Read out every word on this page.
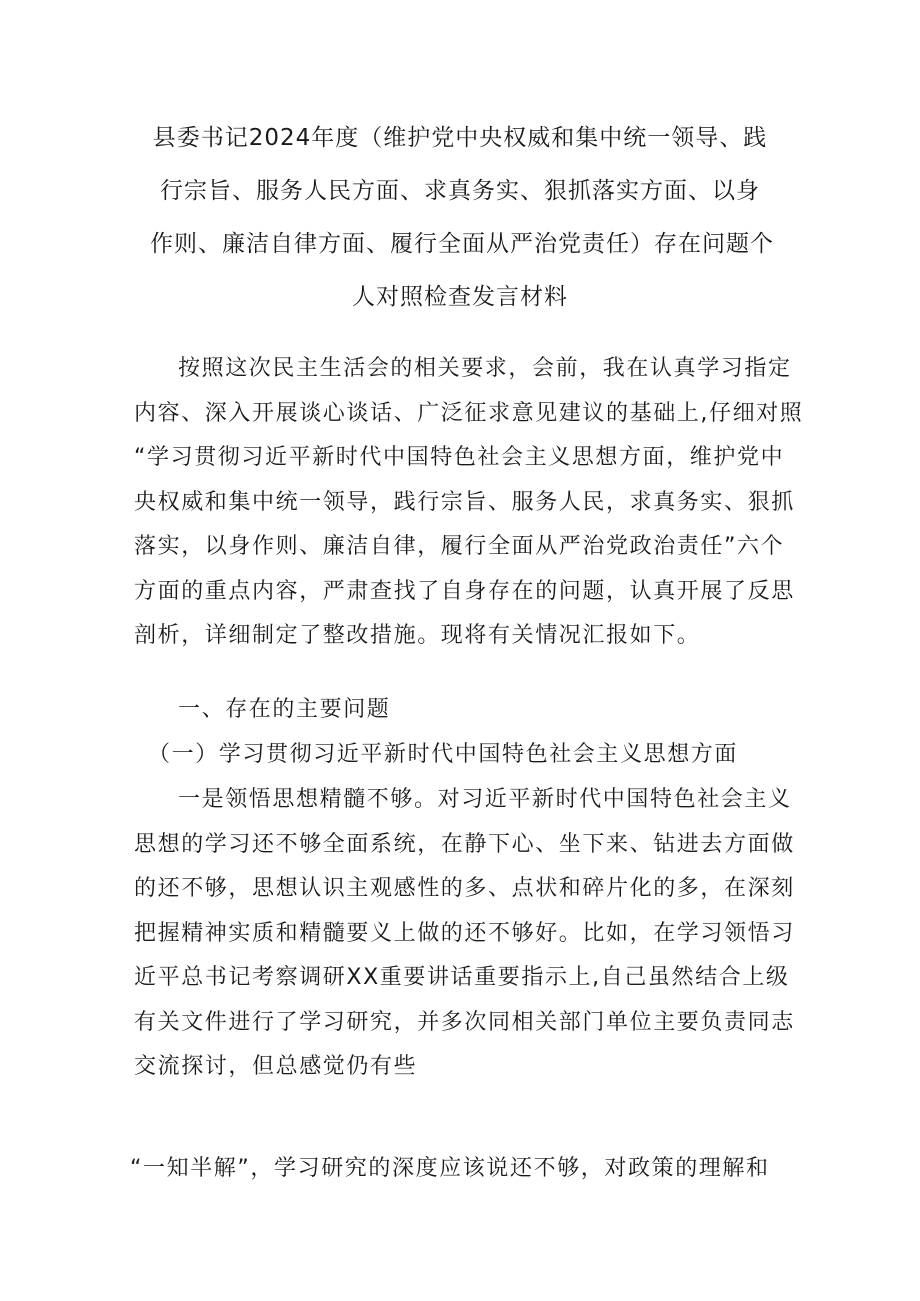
县委书记2024年度（维护党中央权威和集中统一领导、践
行宗旨、服务人民方面、求真务实、狠抓落实方面、以身
作则、廉洁自律方面、履行全面从严治党责任）存在问题个
人对照检查发言材料

按照这次民主生活会的相关要求，会前，我在认真学习指定
内容、深入开展谈心谈话、广泛征求意见建议的基础上,仔细对照
“学习贯彻习近平新时代中国特色社会主义思想方面，维护党中
央权威和集中统一领导，践行宗旨、服务人民，求真务实、狠抓
落实，以身作则、廉洁自律，履行全面从严治党政治责任”六个
方面的重点内容，严肃查找了自身存在的问题，认真开展了反思
剖析，详细制定了整改措施。现将有关情况汇报如下。

一、存在的主要问题

（一）学习贯彻习近平新时代中国特色社会主义思想方面

一是领悟思想精髓不够。对习近平新时代中国特色社会主义
思想的学习还不够全面系统，在静下心、坐下来、钻进去方面做
的还不够，思想认识主观感性的多、点状和碎片化的多，在深刻
把握精神实质和精髓要义上做的还不够好。比如，在学习领悟习
近平总书记考察调研XX重要讲话重要指示上,自己虽然结合上级
有关文件进行了学习研究，并多次同相关部门单位主要负责同志
交流探讨，但总感觉仍有些

“一知半解”，学习研究的深度应该说还不够，对政策的理解和
